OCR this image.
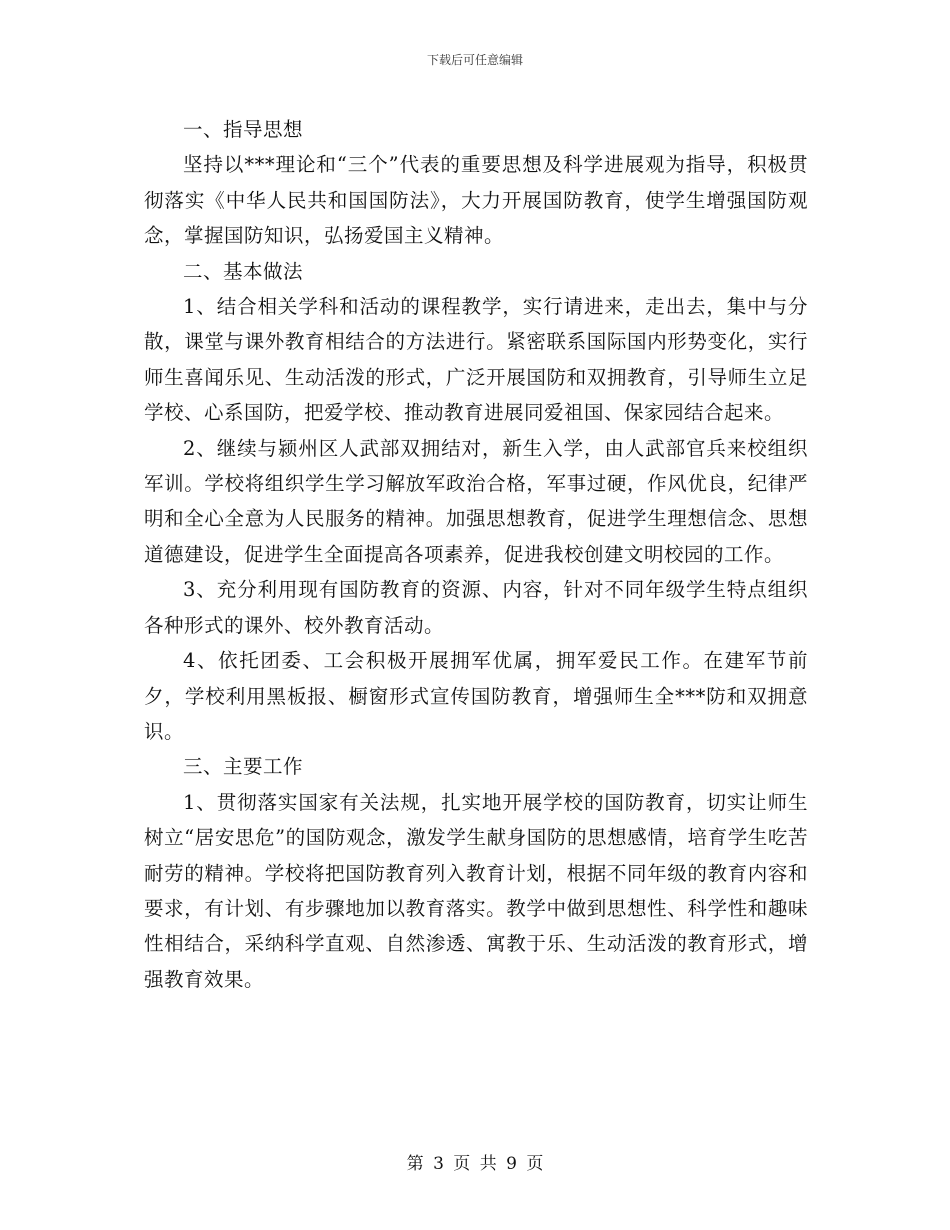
下载后可任意编辑

一、指导思想

坚持以***理论和“三个”代表的重要思想及科学进展观为指导，积极贯彻落实《中华人民共和国国防法》，大力开展国防教育，使学生增强国防观念，掌握国防知识，弘扬爱国主义精神。

二、基本做法

1、结合相关学科和活动的课程教学，实行请进来，走出去，集中与分散，课堂与课外教育相结合的方法进行。紧密联系国际国内形势变化，实行师生喜闻乐见、生动活泼的形式，广泛开展国防和双拥教育，引导师生立足学校、心系国防，把爱学校、推动教育进展同爱祖国、保家园结合起来。

2、继续与颍州区人武部双拥结对，新生入学，由人武部官兵来校组织军训。学校将组织学生学习解放军政治合格，军事过硬，作风优良，纪律严明和全心全意为人民服务的精神。加强思想教育，促进学生理想信念、思想道德建设，促进学生全面提高各项素养，促进我校创建文明校园的工作。

3、充分利用现有国防教育的资源、内容，针对不同年级学生特点组织各种形式的课外、校外教育活动。

4、依托团委、工会积极开展拥军优属，拥军爱民工作。在建军节前夕，学校利用黑板报、橱窗形式宣传国防教育，增强师生全***防和双拥意识。

三、主要工作

1、贯彻落实国家有关法规，扎实地开展学校的国防教育，切实让师生树立“居安思危”的国防观念，激发学生献身国防的思想感情，培育学生吃苦耐劳的精神。学校将把国防教育列入教育计划，根据不同年级的教育内容和要求，有计划、有步骤地加以教育落实。教学中做到思想性、科学性和趣味性相结合，采纳科学直观、自然渗透、寓教于乐、生动活泼的教育形式，增强教育效果。

第 3 页 共 9 页
